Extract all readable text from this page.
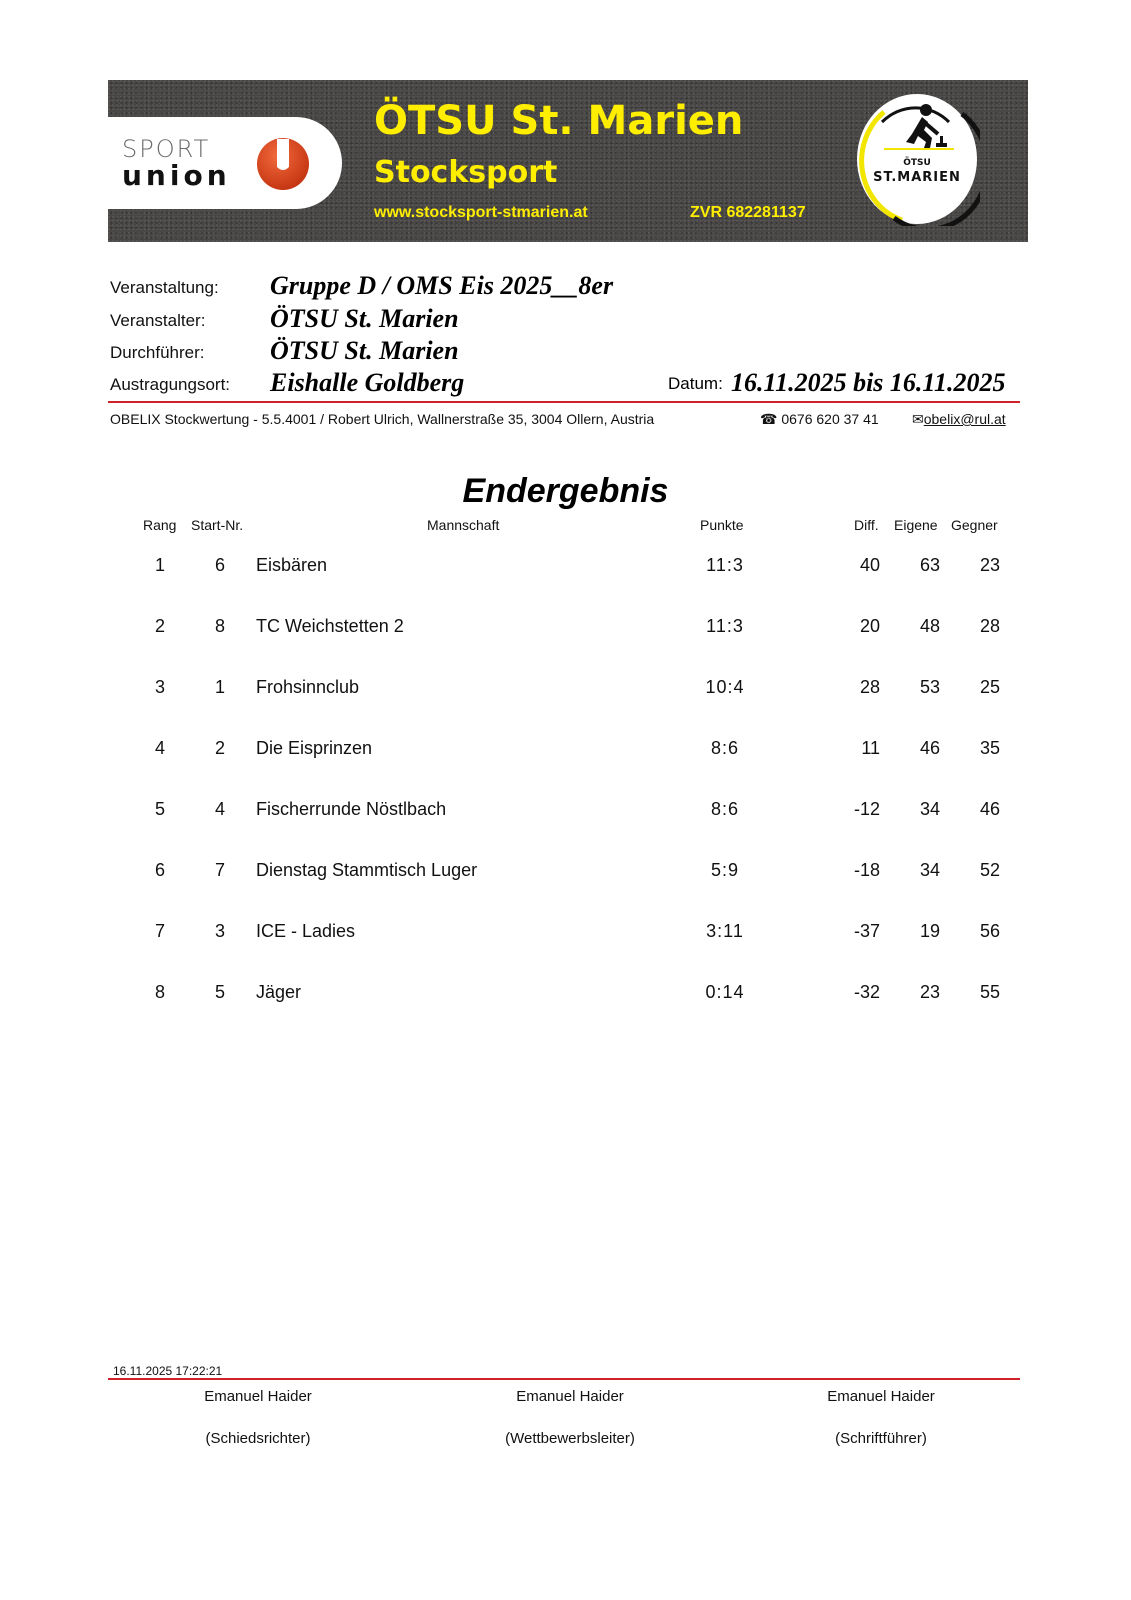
SPORT
union
ÖTSU St. Marien
Stocksport
www.stocksport-stmarien.at	ZVR 682281137
ÖTSU
ST.MARIEN
Veranstaltung: Gruppe D / OMS Eis 2025__8er
Veranstalter: ÖTSU St. Marien
Durchführer:	ÖTSU St. Marien
Austragungsort: Eishalle Goldberg	Datum: 16.11.2025 bis 16.11.2025
OBELIX Stockwertung - 5.5.4001 / Robert Ulrich, Wallnerstraße 35, 3004 Ollern, Austria	☎ 0676 620 37 41 ✉obelix@rul.at
Endergebnis
Rang Start-Nr.	Mannschaft	Punkte	Diff. Eigene Gegner
1	6 Eisbären	11:3	40	63	23
2	8 TC Weichstetten 2	11:3	20	48	28
3	1 Frohsinnclub	10:4	28	53	25
4	2 Die Eisprinzen	8:6	11	46	35
5	4 Fischerrunde Nöstlbach	8:6	-12	34	46
6	7 Dienstag Stammtisch Luger	5:9	-18	34	52
7	3 ICE - Ladies	3:11	-37	19	56
8	5 Jäger	0:14	-32	23	55
16.11.2025 17:22:21
Emanuel Haider
(Schiedsrichter)
Emanuel Haider
(Wettbewerbsleiter)
Emanuel Haider
(Schriftführer)
